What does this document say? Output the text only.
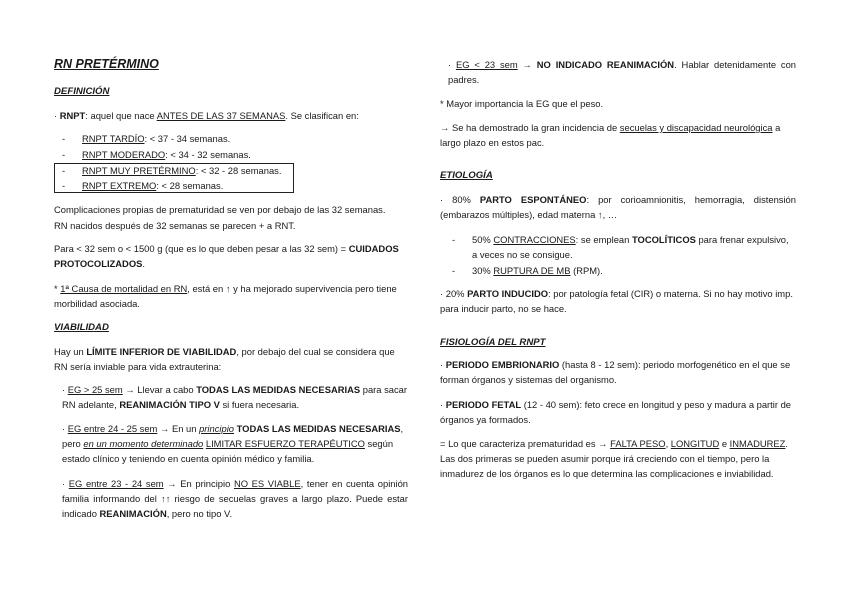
RN PRETÉRMINO

DEFINICIÓN

· RNPT: aquel que nace ANTES DE LAS 37 SEMANAS. Se clasifican en:

- RNPT TARDÍO: < 37 - 34 semanas.
- RNPT MODERADO: < 34 - 32 semanas.
- RNPT MUY PRETÉRMINO: < 32 - 28 semanas.
- RNPT EXTREMO: < 28 semanas.

Complicaciones propias de prematuridad se ven por debajo de las 32 semanas.

RN nacidos después de 32 semanas se parecen + a RNT.

Para < 32 sem o < 1500 g (que es lo que deben pesar a las 32 sem) = CUIDADOS PROTOCOLIZADOS.

* 1ª Causa de mortalidad en RN, está en ↑ y ha mejorado supervivencia pero tiene morbilidad asociada.

VIABILIDAD

Hay un LÍMITE INFERIOR DE VIABILIDAD, por debajo del cual se considera que RN sería inviable para vida extrauterina:

· EG > 25 sem → Llevar a cabo TODAS LAS MEDIDAS NECESARIAS para sacar RN adelante, REANIMACIÓN TIPO V si fuera necesaria.

· EG entre 24 - 25 sem → En un principio TODAS LAS MEDIDAS NECESARIAS, pero en un momento determinado LIMITAR ESFUERZO TERAPÉUTICO según estado clínico y teniendo en cuenta opinión médico y familia.

· EG entre 23 - 24 sem → En principio NO ES VIABLE, tener en cuenta opinión familia informando del ↑↑ riesgo de secuelas graves a largo plazo. Puede estar indicado REANIMACIÓN, pero no tipo V.

· EG < 23 sem → NO INDICADO REANIMACIÓN. Hablar detenidamente con padres.

* Mayor importancia la EG que el peso.

→ Se ha demostrado la gran incidencia de secuelas y discapacidad neurológica a largo plazo en estos pac.

ETIOLOGÍA

· 80% PARTO ESPONTÁNEO: por corioamnionitis, hemorragia, distensión (embarazos múltiples), edad materna ↑, …

- 50% CONTRACCIONES: se emplean TOCOLÍTICOS para frenar expulsivo, a veces no se consigue.
- 30% RUPTURA DE MB (RPM).

· 20% PARTO INDUCIDO: por patología fetal (CIR) o materna. Si no hay motivo imp. para inducir parto, no se hace.

FISIOLOGÍA DEL RNPT

· PERIODO EMBRIONARIO (hasta 8 - 12 sem): periodo morfogenético en el que se forman órganos y sistemas del organismo.

· PERIODO FETAL (12 - 40 sem): feto crece en longitud y peso y madura a partir de órganos ya formados.

= Lo que caracteriza prematuridad es → FALTA PESO, LONGITUD e INMADUREZ. Las dos primeras se pueden asumir porque irá creciendo con el tiempo, pero la inmadurez de los órganos es lo que determina las complicaciones e inviabilidad.
